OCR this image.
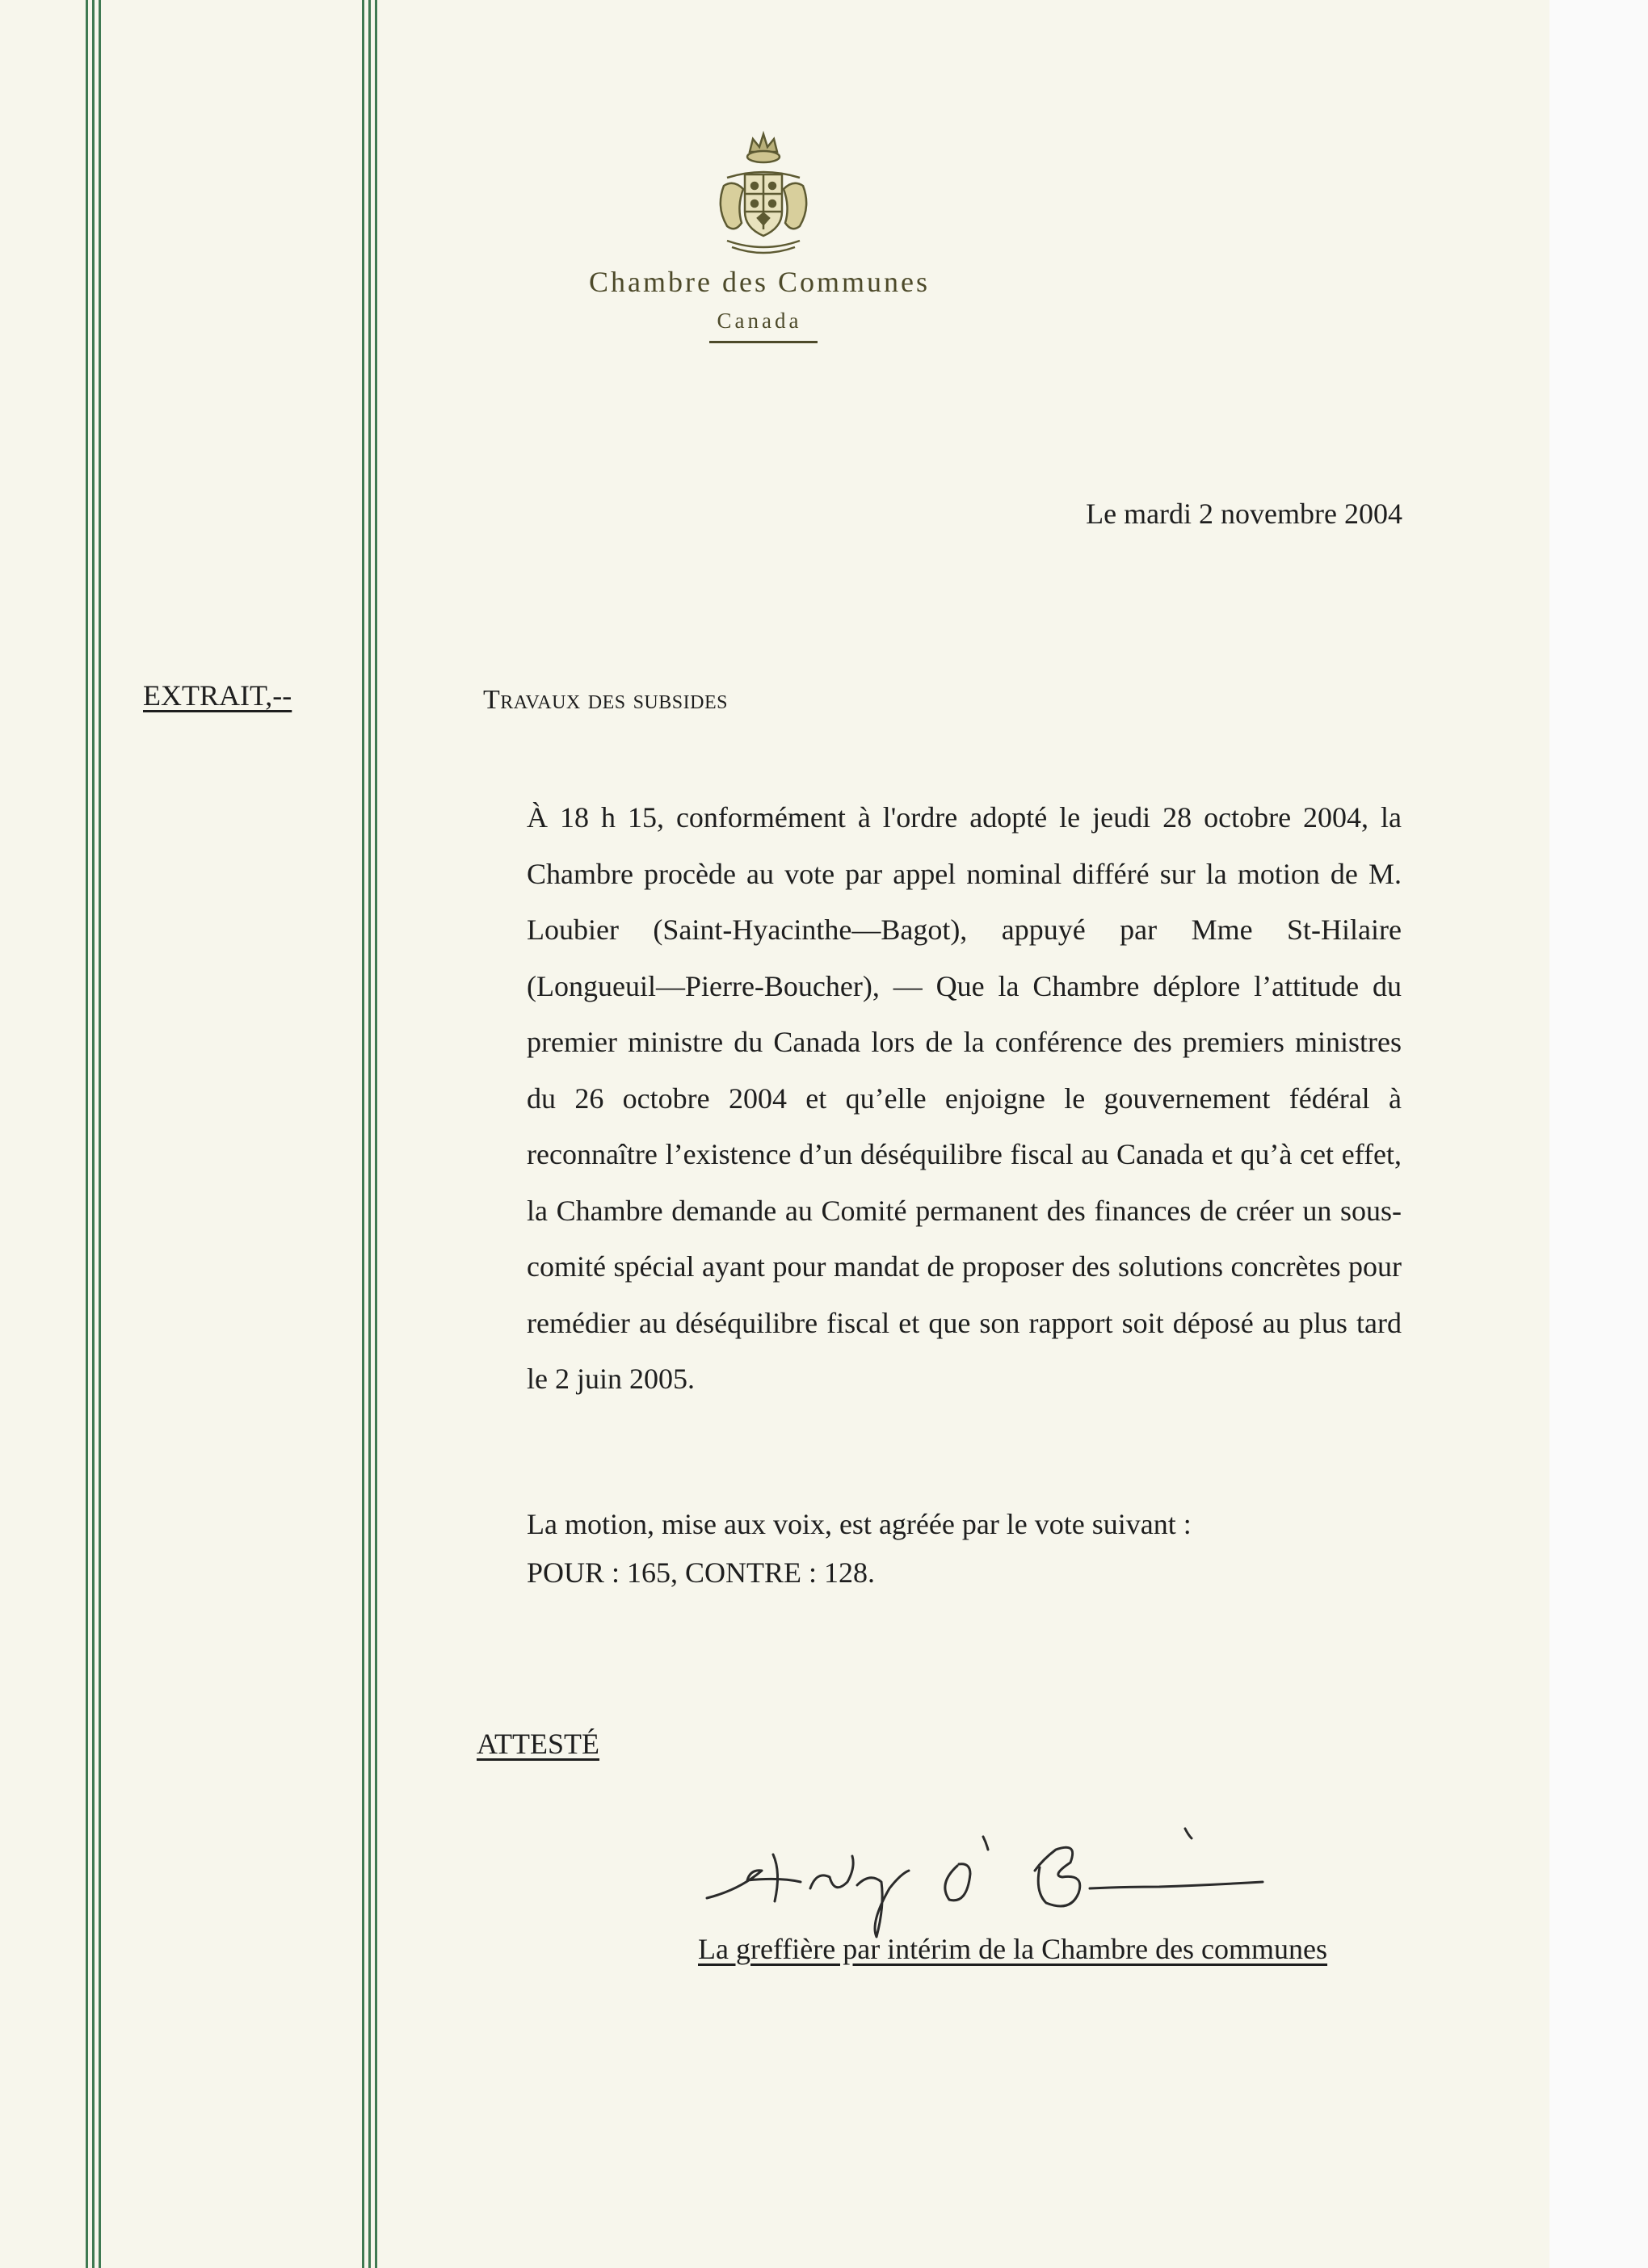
Chambre des Communes
Canada
Le mardi 2 novembre 2004
EXTRAIT,--	Travaux des subsides

À 18 h 15, conformément à l'ordre adopté le jeudi 28 octobre 2004, la Chambre procède au vote par appel nominal différé sur la motion de M. Loubier (Saint-Hyacinthe—Bagot), appuyé par Mme St-Hilaire (Longueuil—Pierre-Boucher), — Que la Chambre déplore l’attitude du premier ministre du Canada lors de la conférence des premiers ministres du 26 octobre 2004 et qu’elle enjoigne le gouvernement fédéral à reconnaître l’existence d’un déséquilibre fiscal au Canada et qu’à cet effet, la Chambre demande au Comité permanent des finances de créer un sous-comité spécial ayant pour mandat de proposer des solutions concrètes pour remédier au déséquilibre fiscal et que son rapport soit déposé au plus tard le 2 juin 2005.

La motion, mise aux voix, est agréée par le vote suivant :
POUR : 165, CONTRE : 128.
ATTESTÉ
La greffière par intérim de la Chambre des communes
